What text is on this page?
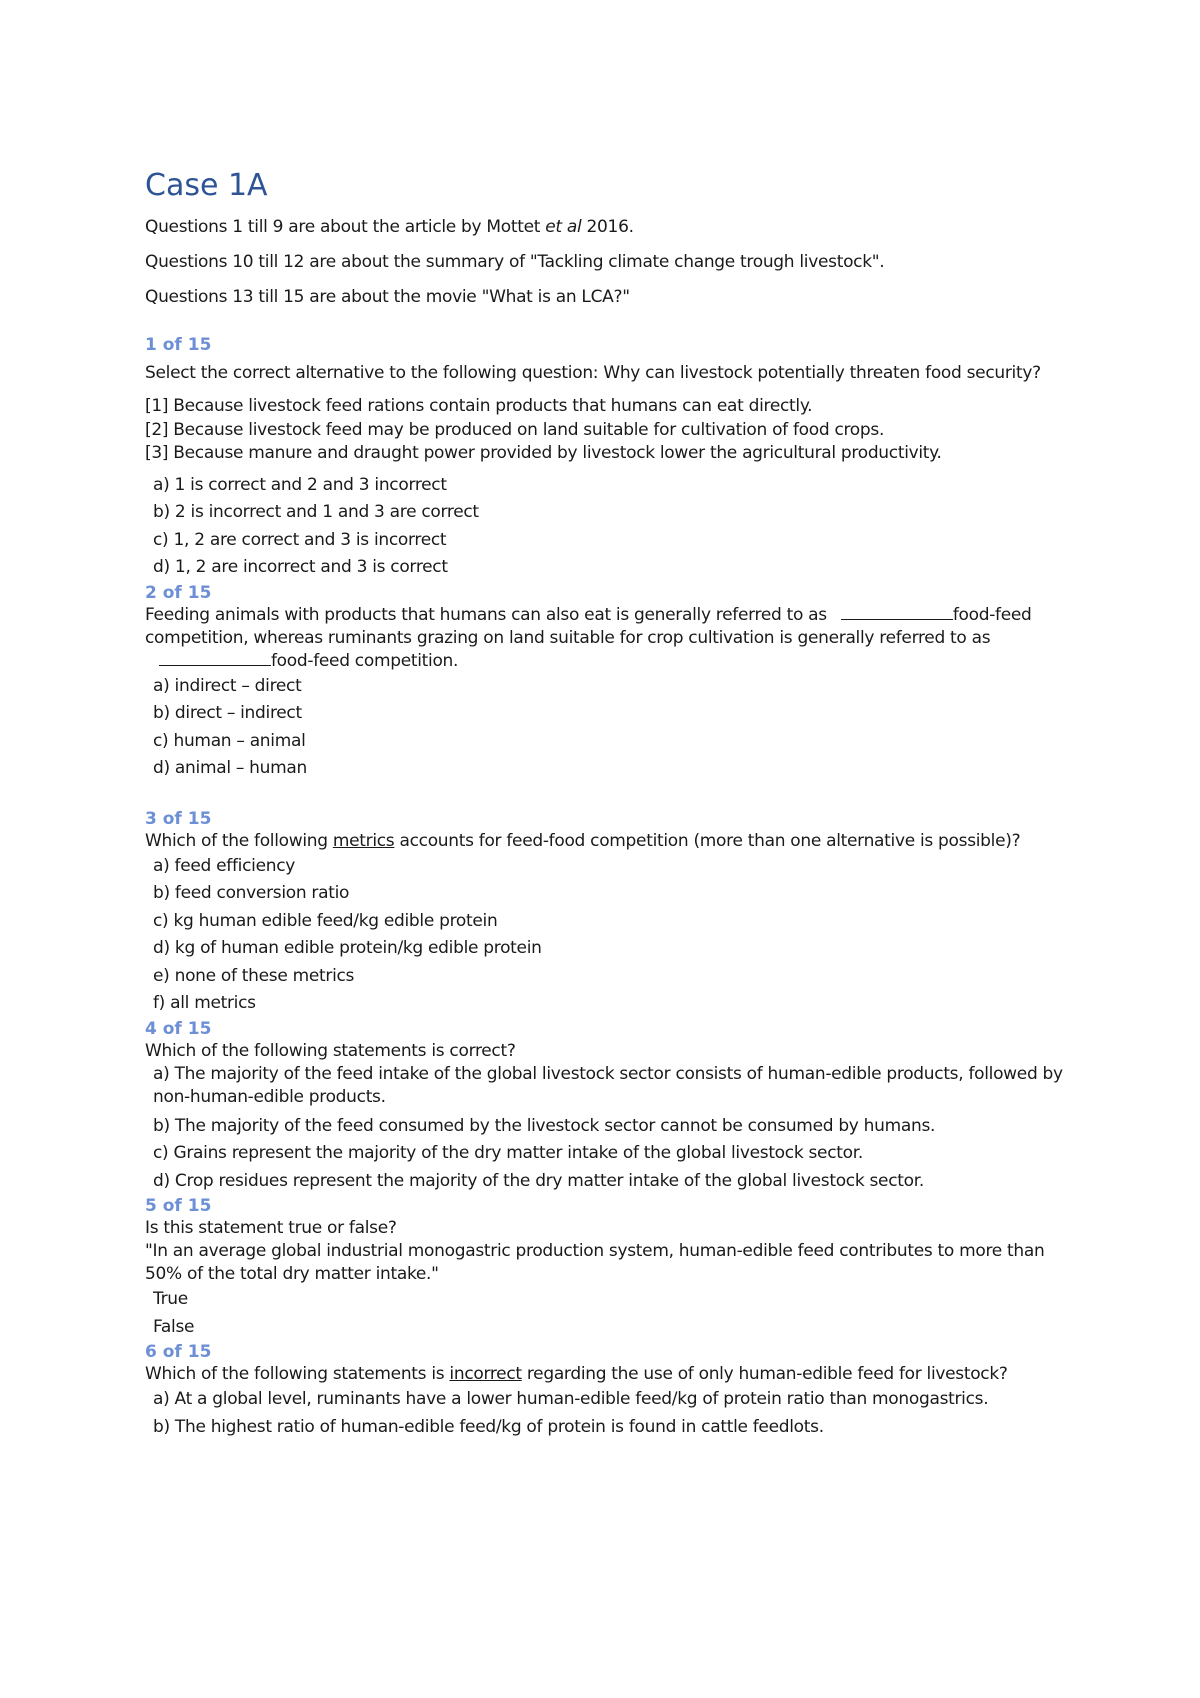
Case 1A

Questions 1 till 9 are about the article by Mottet et al 2016.

Questions 10 till 12 are about the summary of "Tackling climate change trough livestock".

Questions 13 till 15 are about the movie "What is an LCA?"

1 of 15

Select the correct alternative to the following question: Why can livestock potentially threaten food security?

[1] Because livestock feed rations contain products that humans can eat directly.

[2] Because livestock feed may be produced on land suitable for cultivation of food crops.

[3] Because manure and draught power provided by livestock lower the agricultural productivity.

a) 1 is correct and 2 and 3 incorrect

b) 2 is incorrect and 1 and 3 are correct

c) 1, 2 are correct and 3 is incorrect

d) 1, 2 are incorrect and 3 is correct

2 of 15

Feeding animals with products that humans can also eat is generally referred to as	food-feed competition, whereas ruminants grazing on land suitable for crop cultivation is generally referred to asfood-feed competition.

a) indirect – direct

b) direct – indirect

c) human – animal

d) animal – human

3 of 15

Which of the following metrics accounts for feed-food competition (more than one alternative is possible)?

a) feed efficiency

b) feed conversion ratio

c) kg human edible feed/kg edible protein

d) kg of human edible protein/kg edible protein

e) none of these metrics

f) all metrics

4 of 15

Which of the following statements is correct?

a) The majority of the feed intake of the global livestock sector consists of human-edible products, followed by non-human-edible products.

b) The majority of the feed consumed by the livestock sector cannot be consumed by humans.

c) Grains represent the majority of the dry matter intake of the global livestock sector.

d) Crop residues represent the majority of the dry matter intake of the global livestock sector.

5 of 15

Is this statement true or false?

"In an average global industrial monogastric production system, human-edible feed contributes to more than 50% of the total dry matter intake."

True

False

6 of 15

Which of the following statements is incorrect regarding the use of only human-edible feed for livestock?

a) At a global level, ruminants have a lower human-edible feed/kg of protein ratio than monogastrics.

b) The highest ratio of human-edible feed/kg of protein is found in cattle feedlots.
